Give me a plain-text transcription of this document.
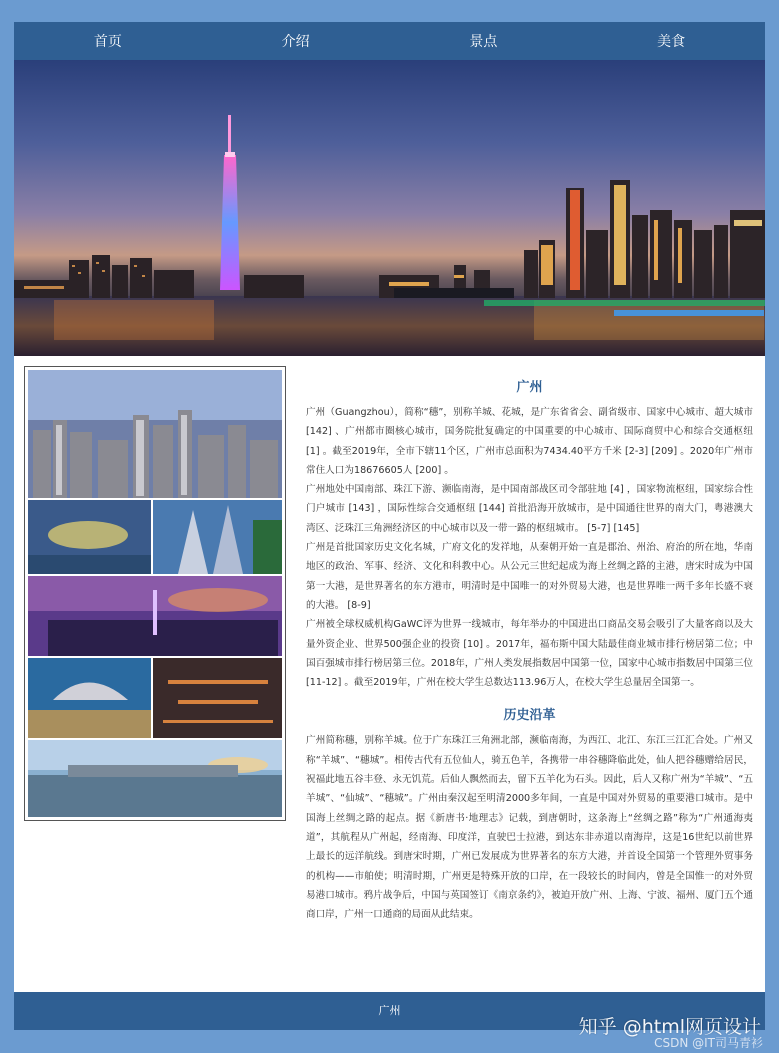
首页	介绍	景点	美食
广州

广州（Guangzhou），简称“穗”，别称羊城、花城，是广东省省会、副省级市、国家中心城市、超大城市 [142] 、广州都市圈核心城市，国务院批复确定的中国重要的中心城市、国际商贸中心和综合交通枢纽 [1] 。截至2019年，全市下辖11个区，广州市总面积为7434.40平方千米 [2-3] [209] 。2020年广州市常住人口为18676605人 [200] 。

广州地处中国南部、珠江下游、濒临南海，是中国南部战区司令部驻地 [4] ，国家物流枢纽，国家综合性门户城市 [143] ，国际性综合交通枢纽 [144] 首批沿海开放城市，是中国通往世界的南大门，粤港澳大湾区、泛珠江三角洲经济区的中心城市以及一带一路的枢纽城市。 [5-7] [145]

广州是首批国家历史文化名城，广府文化的发祥地，从秦朝开始一直是郡治、州治、府治的所在地，华南地区的政治、军事、经济、文化和科教中心。从公元三世纪起成为海上丝绸之路的主港，唐宋时成为中国第一大港，是世界著名的东方港市，明清时是中国唯一的对外贸易大港，也是世界唯一两千多年长盛不衰的大港。 [8-9]

广州被全球权威机构GaWC评为世界一线城市，每年举办的中国进出口商品交易会吸引了大量客商以及大量外资企业、世界500强企业的投资 [10] 。2017年，福布斯中国大陆最佳商业城市排行榜居第二位；中国百强城市排行榜居第三位。2018年，广州人类发展指数居中国第一位，国家中心城市指数居中国第三位 [11-12] 。截至2019年，广州在校大学生总数达113.96万人，在校大学生总量居全国第一。

历史沿革

广州简称穗，别称羊城。位于广东珠江三角洲北部，濒临南海，为西江、北江、东江三江汇合处。广州又称“羊城”、“穗城”。相传古代有五位仙人，骑五色羊，各携带一串谷穗降临此处，仙人把谷穗赠给居民，祝福此地五谷丰登、永无饥荒。后仙人飘然而去，留下五羊化为石头。因此，后人又称广州为“羊城”、“五羊城”、“仙城”、“穗城”。广州由秦汉起至明清2000多年间，一直是中国对外贸易的重要港口城市。是中国海上丝绸之路的起点。据《新唐书·地理志》记载，到唐朝时，这条海上“丝绸之路”称为“广州通海夷道”，其航程从广州起，经南海、印度洋，直驶巴士拉港，到达东非赤道以南海岸，这是16世纪以前世界上最长的远洋航线。到唐宋时期，广州已发展成为世界著名的东方大港，并首设全国第一个管理外贸事务的机构——市舶使；明清时期，广州更是特殊开放的口岸，在一段较长的时间内，曾是全国惟一的对外贸易港口城市。鸦片战争后，中国与英国签订《南京条约》，被迫开放广州、上海、宁波、福州、厦门五个通商口岸，广州一口通商的局面从此结束。

广州
知乎 @html网页设计
CSDN @IT司马青衫
